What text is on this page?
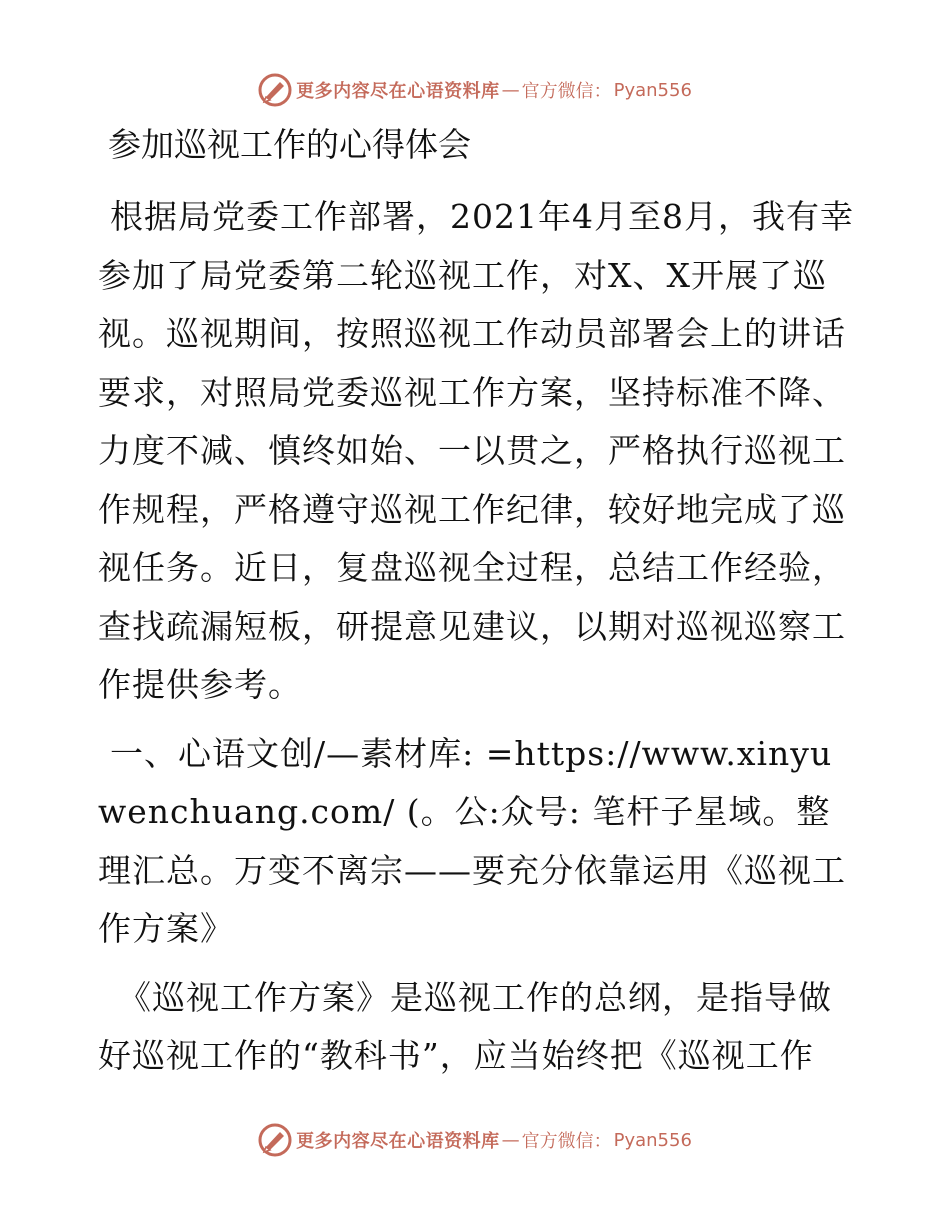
更多内容尽在心语资料库 — 官方微信： Pyan556
参加巡视工作的心得体会
根据局党委工作部署，2021年4月至8月，我有幸参加了局党委第二轮巡视工作，对X、X开展了巡视。巡视期间，按照巡视工作动员部署会上的讲话要求，对照局党委巡视工作方案，坚持标准不降、力度不减、慎终如始、一以贯之，严格执行巡视工作规程，严格遵守巡视工作纪律，较好地完成了巡视任务。近日，复盘巡视全过程，总结工作经验，查找疏漏短板，研提意见建议，以期对巡视巡察工作提供参考。
一、心语文创/—素材库: =https://www.xinyuwenchuang.com/ (。公:众号: 笔杆子星域。整理汇总。万变不离宗——要充分依靠运用《巡视工作方案》
《巡视工作方案》是巡视工作的总纲，是指导做好巡视工作的“教科书”，应当始终把《巡视工作
更多内容尽在心语资料库 — 官方微信： Pyan556
